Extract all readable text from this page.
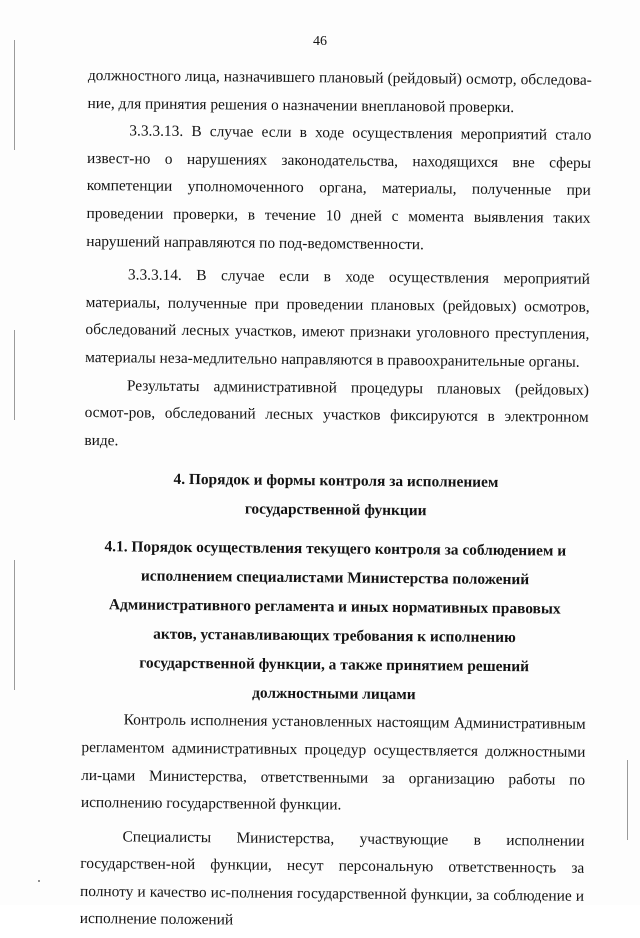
46

должностного лица, назначившего плановый (рейдовый) осмотр, обследова-ние, для принятия решения о назначении внеплановой проверки.

3.3.3.13. В случае если в ходе осуществления мероприятий стало извест-но о нарушениях законодательства, находящихся вне сферы компетенции уполномоченного органа, материалы, полученные при проведении проверки, в течение 10 дней с момента выявления таких нарушений направляются по под-ведомственности.

3.3.3.14. В случае если в ходе осуществления мероприятий материалы, полученные при проведении плановых (рейдовых) осмотров, обследований лесных участков, имеют признаки уголовного преступления, материалы неза-медлительно направляются в правоохранительные органы.

Результаты административной процедуры плановых (рейдовых) осмот-ров, обследований лесных участков фиксируются в электронном виде.

4. Порядок и формы контроля за исполнением государственной функции

4.1. Порядок осуществления текущего контроля за соблюдением и исполнением специалистами Министерства положений Административного регламента и иных нормативных правовых актов, устанавливающих требования к исполнению государственной функции, а также принятием решений должностными лицами

Контроль исполнения установленных настоящим Административным регламентом административных процедур осуществляется должностными ли-цами Министерства, ответственными за организацию работы по исполнению государственной функции.

Специалисты Министерства, участвующие в исполнении государствен-ной функции, несут персональную ответственность за полноту и качество ис-полнения государственной функции, за соблюдение и исполнение положений
